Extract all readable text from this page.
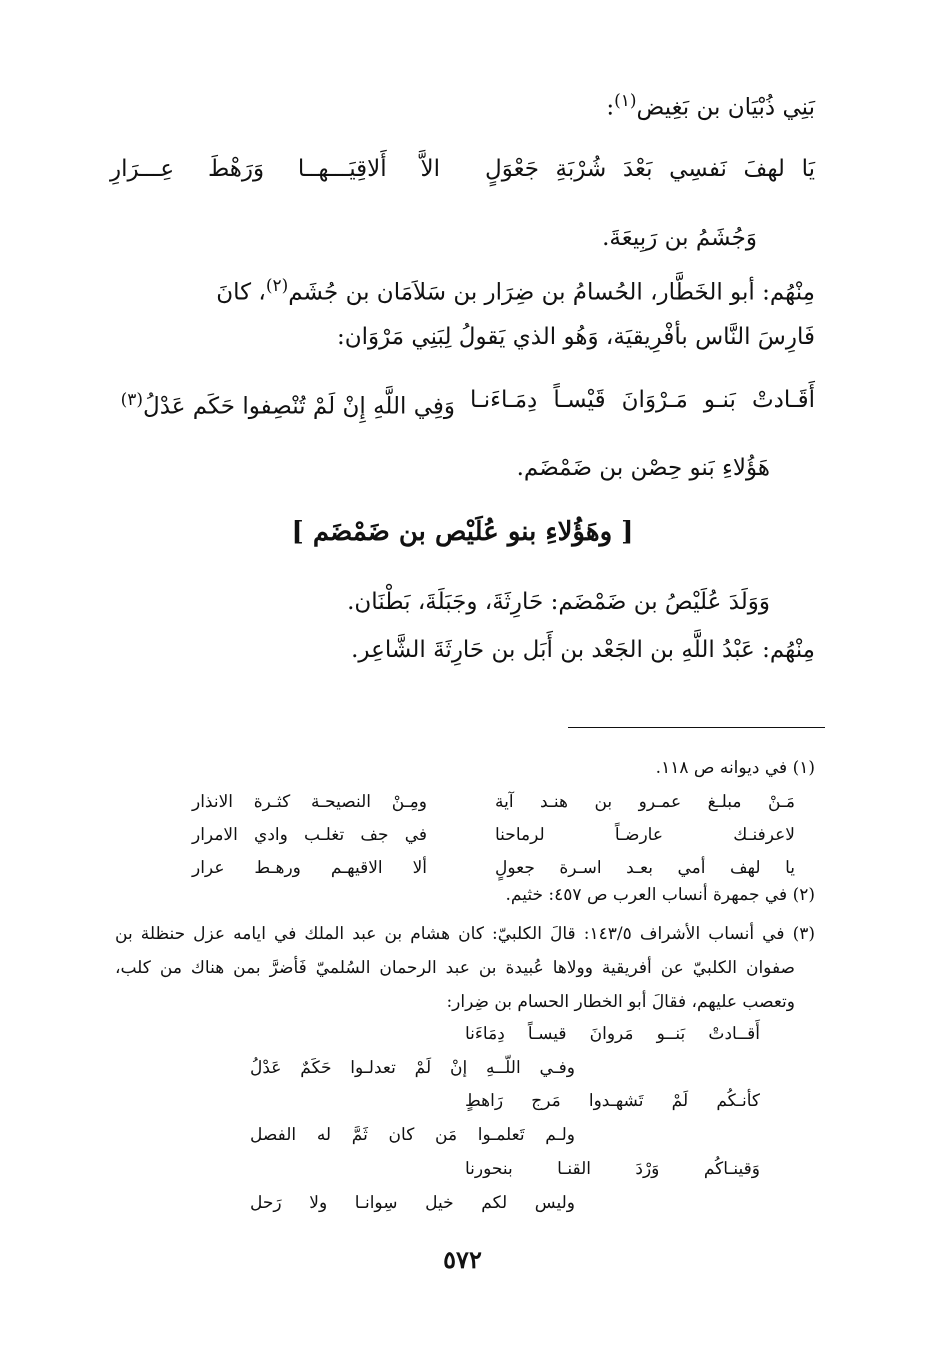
بَنِي ذُبْيَان بن بَغِيض$^{(١)}$:
يَا لهفَ نَفسِي بَعْدَ شُرْبَةِ جَعْوَلٍ
الاَّ أَلاقِيَـــهــا وَرَهْطَ عِـــرَارِ
وَجُشَمُ بن رَبِيعَةَ.
مِنْهُم: أبو الخَطَّار، الحُسامُ بن ضِرَار بن سَلاَمَان بن جُشَم$^{(٢)}$، كانَ
فَارِسَ النَّاس بأفْرِيقيَة، وَهُو الذي يَقولُ لِبَنِي مَرْوَان:
أَقَـادتْ بَنـو مَـرْوَانَ قَيْسـاً دِمَـاءَنـا
وَفِي اللَّهِ إِنْ لَمْ تُنْصِفوا حَكَم عَدْلُ$^{(٣)}$
هَؤُلاءِ بَنو حِصْن بن ضَمْضَم.
[ وهَؤُلاءِ بنو عُلَيْص بن ضَمْضَم ]
وَوَلَدَ عُلَيْصُ بن ضَمْضَم: حَارِثَةَ، وجَبَلَةَ، بَطْنَان.
مِنْهُم: عَبْدُ اللَّهِ بن الجَعْد بن أَبَل بن حَارِثَةَ الشَّاعِر.
(١) في ديوانه ص ١١٨.
مَـنْ مبلـغ عمـرو بن هنـد آية
ومِـنْ النصيحـة كثـرة الانذار
لاعرفنـك عارضـاً لرماحنا
في جف تغلـب وادي الامرار
يا لهف أمي بعـد اسـرة جعولٍ
ألا الاقيهـم ورهـط عرار
(٢) في جمهرة أنساب العرب ص ٤٥٧: خثيم.
(٣) في أنساب الأشراف ١٤٣/٥: قالَ الكلبيّ: كان هشام بن عبد الملك في ايامه عزل حنظلة بن
صفوان الكلبيّ عن أفريقية وولاها عُبيدة بن عبد الرحمان السُلميّ فَأضرَّ بمن هناك من كلب،
وتعصب عليهم، فقالَ أبو الخطار الحسام بن ضِرار:
أَقــادتْ بَنــو مَروانَ قيسـاً دِمَاءَنا
وفـي اللّــهِ إنْ لَمْ تعدلـوا حَكَمٌ عَدْلُ
كأنـكُم لَمْ تَشهـدوا مَرج رَاهطٍ
ولـم تَعلمـوا مَن كان ثَمَّ له الفصل
وَقينـاكُم وَرْدَ القنـا بنحورنا
وليس لكم خيل سِوانـا ولا رَحل
٥٧٢
